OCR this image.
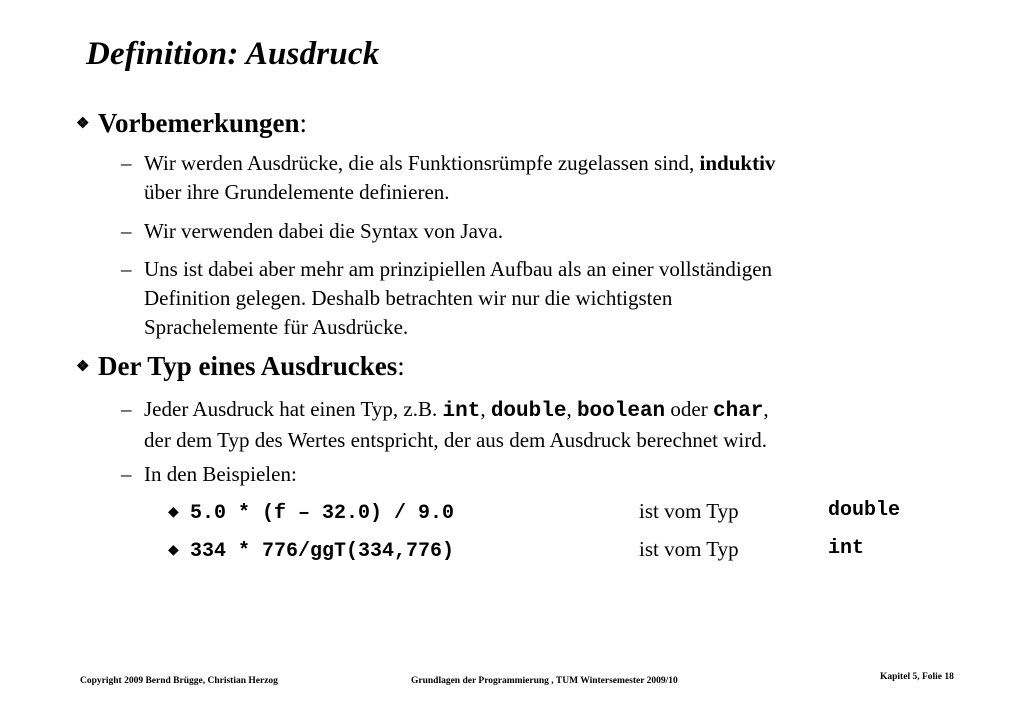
Definition: Ausdruck
❖ Vorbemerkungen:
– Wir werden Ausdrücke, die als Funktionsrümpfe zugelassen sind, induktiv
über ihre Grundelemente definieren.
– Wir verwenden dabei die Syntax von Java.
– Uns ist dabei aber mehr am prinzipiellen Aufbau als an einer vollständigen
Definition gelegen. Deshalb betrachten wir nur die wichtigsten
Sprachelemente für Ausdrücke.
❖ Der Typ eines Ausdruckes:
– Jeder Ausdruck hat einen Typ, z.B. int, double, boolean oder char,
der dem Typ des Wertes entspricht, der aus dem Ausdruck berechnet wird.
– In den Beispielen:
◆ 5.0 * (f – 32.0) / 9.0	ist vom Typ	double
◆ 334 * 776/ggT(334,776)	ist vom Typ	int
Copyright 2009 Bernd Brügge, Christian Herzog	Grundlagen der Programmierung , TUM Wintersemester 2009/10	Kapitel 5, Folie 18
